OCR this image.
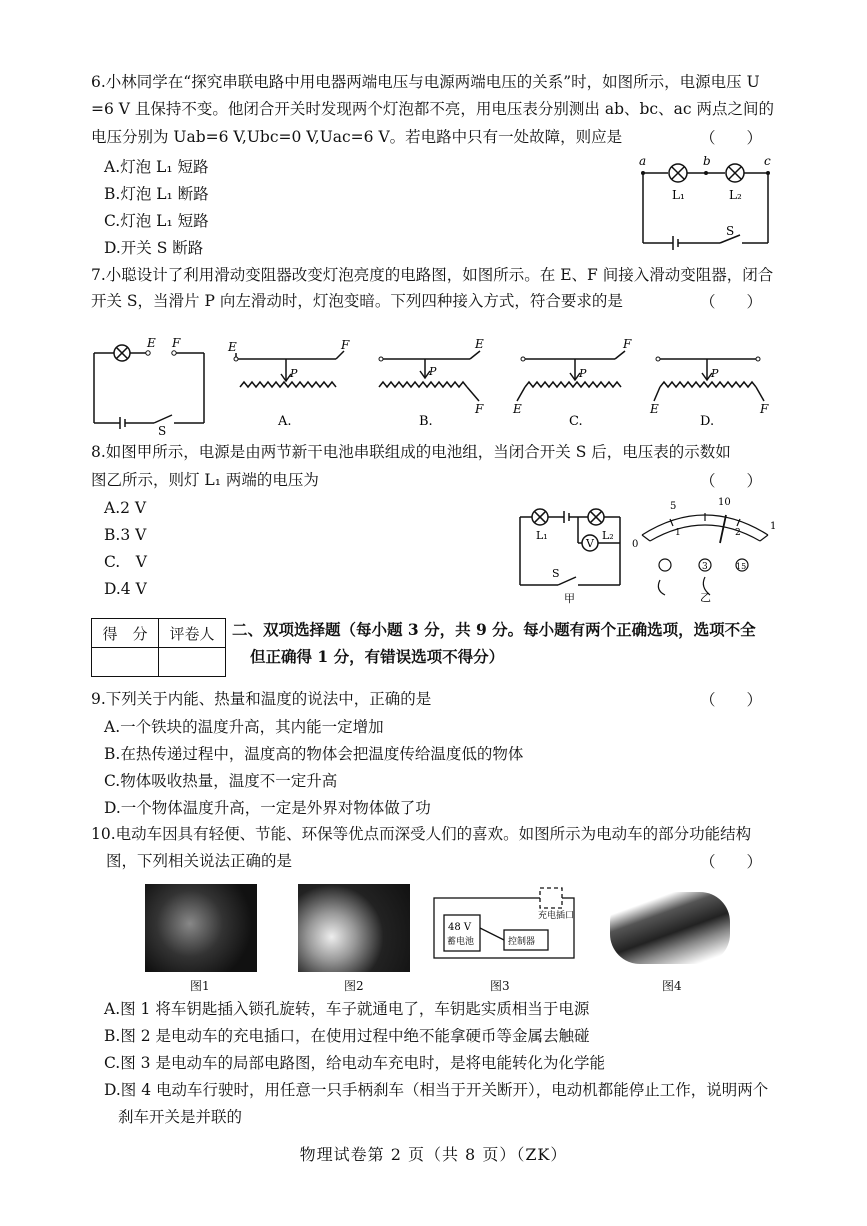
6.小林同学在“探究串联电路中用电器两端电压与电源两端电压的关系”时，如图所示，电源电压 U
=6 V 且保持不变。他闭合开关时发现两个灯泡都不亮，用电压表分别测出 ab、bc、ac 两点之间的
电压分别为 Uab=6 V,Ubc=0 V,Uac=6 V。若电路中只有一处故障，则应是	（　　）
A.灯泡 L₁ 短路
B.灯泡 L₁ 断路
C.灯泡 L₁ 短路
D.开关 S 断路
a	b	c
L₁	L₂
S
7.小聪设计了利用滑动变阻器改变灯泡亮度的电路图，如图所示。在 E、F 间接入滑动变阻器，闭合
开关 S，当滑片 P 向左滑动时，灯泡变暗。下列四种接入方式，符合要求的是	（　　）
E F
S
E	F
P
A.
E
F
P
B.
F
E
P
C.
E	F
P
D.
8.如图甲所示，电源是由两节新干电池串联组成的电池组，当闭合开关 S 后，电压表的示数如
图乙所示，则灯 L₁ 两端的电压为	（　　）
A.2 V
B.3 V
C.　V
D.4 V
V
L₁	L₂
S
甲
5	10
0
1	2
3	15
1
乙
得　分	评卷人
	二、双项选择题（每小题 3 分，共 9 分。每小题有两个正确选项，选项不全
但正确得 1 分，有错误选项不得分）
9.下列关于内能、热量和温度的说法中，正确的是	（　　）
A.一个铁块的温度升高，其内能一定增加
B.在热传递过程中，温度高的物体会把温度传给温度低的物体
C.物体吸收热量，温度不一定升高
D.一个物体温度升高，一定是外界对物体做了功
10.电动车因具有轻便、节能、环保等优点而深受人们的喜欢。如图所示为电动车的部分功能结构
图，下列相关说法正确的是	（　　）
图1	图2
48 V
蓄电池	控制器
充电插口
图3	图4
A.图 1 将车钥匙插入锁孔旋转，车子就通电了，车钥匙实质相当于电源
B.图 2 是电动车的充电插口，在使用过程中绝不能拿硬币等金属去触碰
C.图 3 是电动车的局部电路图，给电动车充电时，是将电能转化为化学能
D.图 4 电动车行驶时，用任意一只手柄刹车（相当于开关断开），电动机都能停止工作，说明两个
刹车开关是并联的
物理试卷第 2 页（共 8 页）（ZK）
